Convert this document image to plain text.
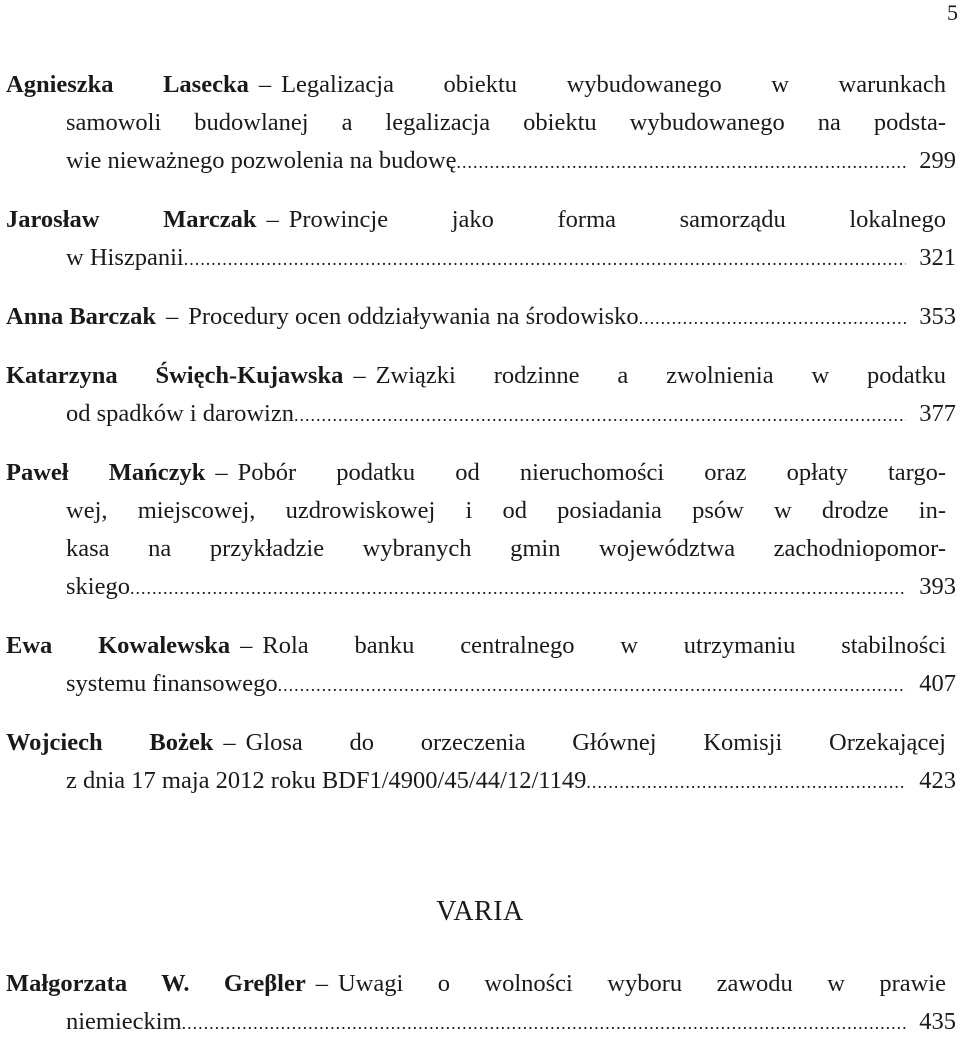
5
Agnieszka Lasecka – Legalizacja obiektu wybudowanego w warunkach
samowoli budowlanej a legalizacja obiektu wybudowanego na podsta-
wie nieważnego pozwolenia na budowę .....	299
Jarosław Marczak – Prowincje jako forma samorządu lokalnego
w Hiszpanii .....	321
Anna Barczak – Procedury ocen oddziaływania na środowisko .....	353
Katarzyna Święch-Kujawska – Związki rodzinne a zwolnienia w podatku
od spadków i darowizn .....	377
Paweł Mańczyk – Pobór podatku od nieruchomości oraz opłaty targo-
wej, miejscowej, uzdrowiskowej i od posiadania psów w drodze in-
kasa na przykładzie wybranych gmin województwa zachodniopomor-
skiego .....	393
Ewa Kowalewska – Rola banku centralnego w utrzymaniu stabilności
systemu finansowego .....	407
Wojciech Bożek – Glosa do orzeczenia Głównej Komisji Orzekającej
z dnia 17 maja 2012 roku BDF1/4900/45/44/12/1149 .....	423
VARIA
Małgorzata W. Greβler – Uwagi o wolności wyboru zawodu w prawie
niemieckim .....	435
